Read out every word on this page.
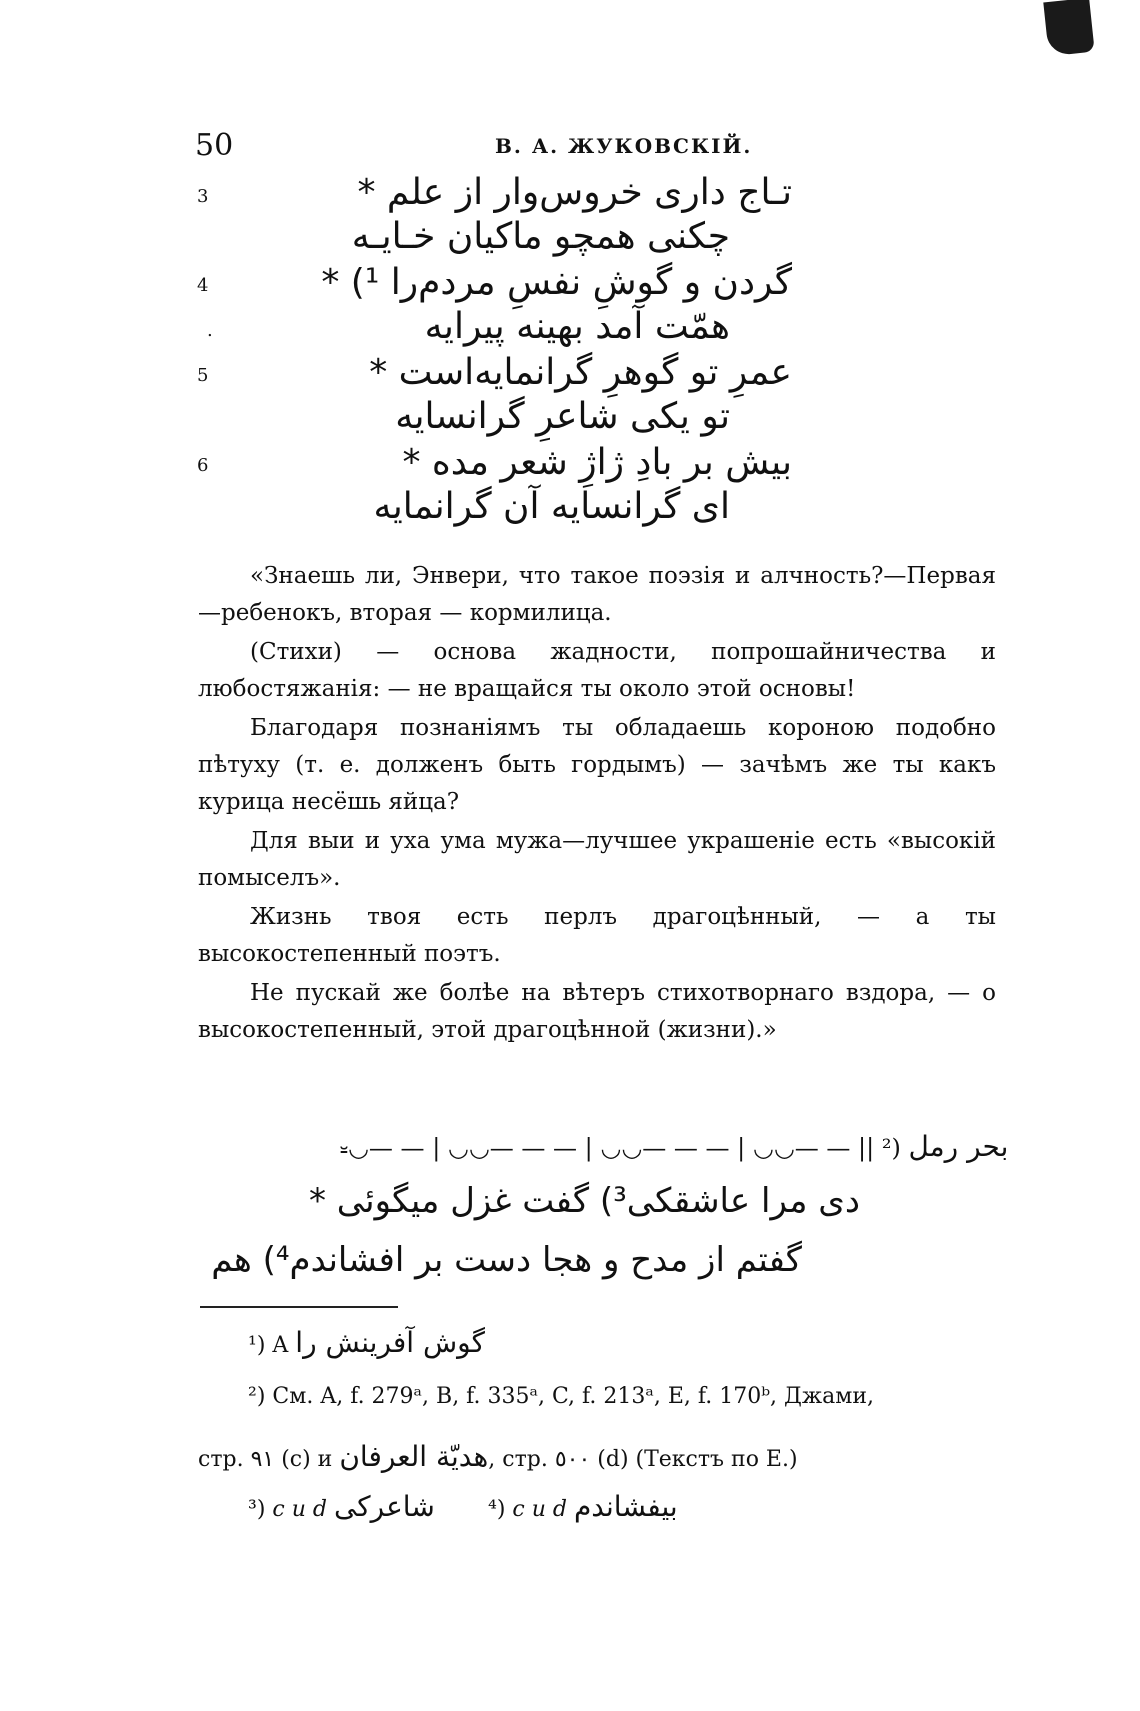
50	В. А. ЖУКОВСКІЙ.
3	تـاج داری خروس‌وار از علم *
چکنی همچو ماکیان خـایـه
4	گردن و گوشِ نفسِ مردم‌را ¹) *
.	همّت آمد بهینه پیرایه
5	عمرِ تو گوهرِ گرانمایه‌است *
تو یکی شاعرِ گرانسایه
6	بیش بر بادِ ژاژِ شعر مده *
ای گرانسایه آن گرانمایه

«Знаешь ли, Энвери, что такое поэзія и алчность?—Первая—ребенокъ, вторая — кормилица.

(Стихи) — основа жадности, попрошайничества и любостяжанія: — не вращайся ты около этой основы!

Благодаря познаніямъ ты обладаешь короною подобно пѣтуху (т. е. долженъ быть гордымъ) — зачѣмъ же ты какъ курица несёшь яйца?

Для выи и уха ума мужа—лучшее украшеніе есть «высокій помыселъ».

Жизнь твоя есть перлъ драгоцѣнный, — а ты высокостепенный поэтъ.

Не пускай же болѣе на вѣтеръ стихотворнаго вздора, — о высокостепенный, этой драгоцѣнной (жизни).»

⏓◡— — | ◡◡— — — | ◡◡— — — | ◡◡— — || ²) بحر رمل
دی مرا عاشقکی³) گفت غزل میگوئی *
گفتم از مدح و هجا دست بر افشاندم⁴) هم
¹) A گوش آفرینش را
²) См. A, f. 279ᵃ, B, f. 335ᵃ, C, f. 213ᵃ, E, f. 170ᵇ, Джами,
стр. ٩١ (c) и هديّة العرفان, стр. ٥٠٠ (d) (Текстъ по E.)
³) c и d شاعرکی ⁴) c и d بیفشاندم
